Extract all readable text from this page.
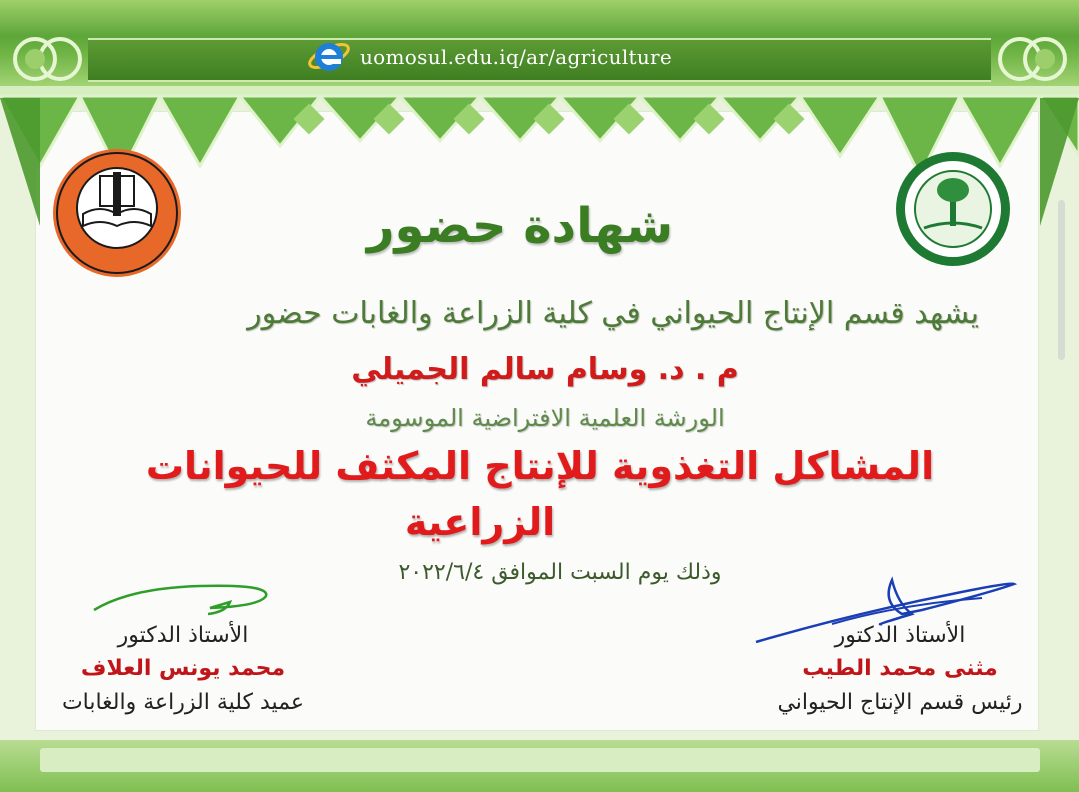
uomosul.edu.iq/ar/agriculture
شهادة حضور
يشهد قسم الإنتاج الحيواني في كلية الزراعة والغابات حضور
م . د. وسام سالم الجميلي
الورشة العلمية الافتراضية الموسومة
المشاكل التغذوية للإنتاج المكثف للحيوانات
الزراعية
وذلك يوم السبت الموافق ٢٠٢٢/٦/٤
الأستاذ الدكتور
محمد يونس العلاف
عميد كلية الزراعة والغابات
الأستاذ الدكتور
مثنى محمد الطيب
رئيس قسم الإنتاج الحيواني
